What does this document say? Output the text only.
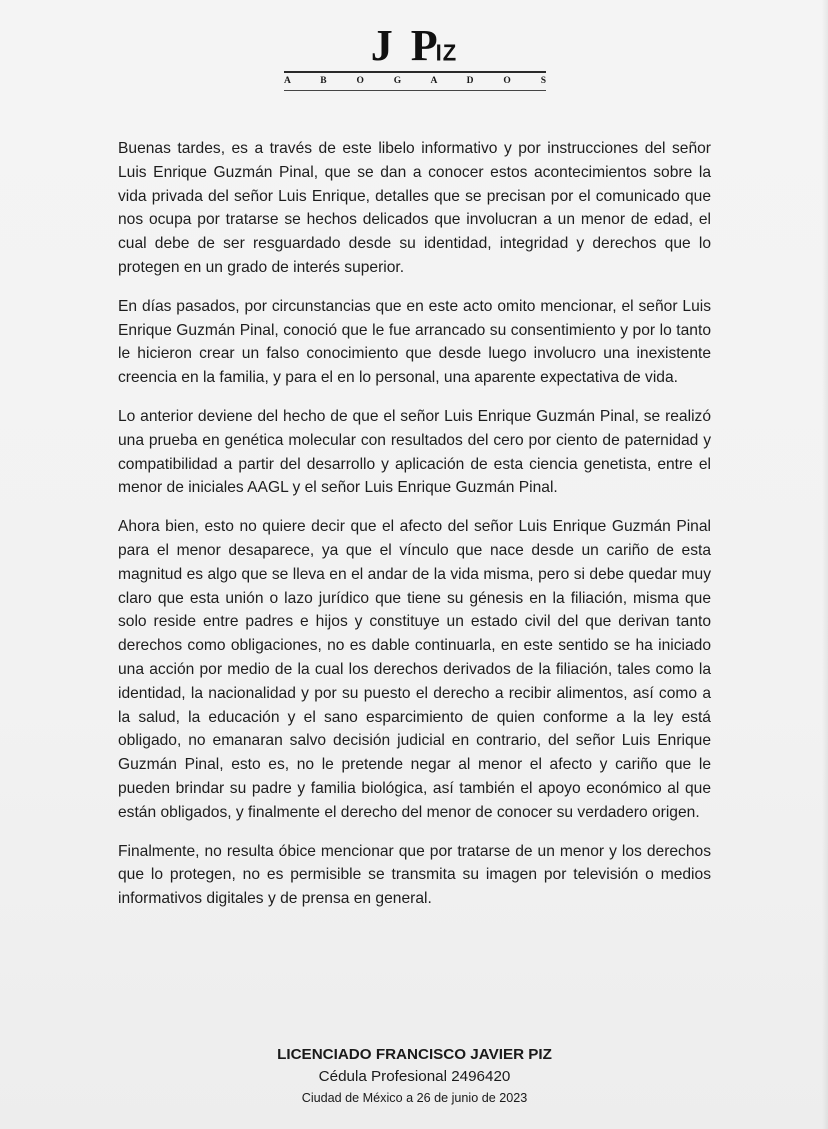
J PIZ
A B O G A D O S

Buenas tardes, es a través de este libelo informativo y por instrucciones del señor Luis Enrique Guzmán Pinal, que se dan a conocer estos acontecimientos sobre la vida privada del señor Luis Enrique, detalles que se precisan por el comunicado que nos ocupa por tratarse se hechos delicados que involucran a un menor de edad, el cual debe de ser resguardado desde su identidad, integridad y derechos que lo protegen en un grado de interés superior.

En días pasados, por circunstancias que en este acto omito mencionar, el señor Luis Enrique Guzmán Pinal, conoció que le fue arrancado su consentimiento y por lo tanto le hicieron crear un falso conocimiento que desde luego involucro una inexistente creencia en la familia, y para el en lo personal, una aparente expectativa de vida.

Lo anterior deviene del hecho de que el señor Luis Enrique Guzmán Pinal, se realizó una prueba en genética molecular con resultados del cero por ciento de paternidad y compatibilidad a partir del desarrollo y aplicación de esta ciencia genetista, entre el menor de iniciales AAGL y el señor Luis Enrique Guzmán Pinal.

Ahora bien, esto no quiere decir que el afecto del señor Luis Enrique Guzmán Pinal para el menor desaparece, ya que el vínculo que nace desde un cariño de esta magnitud es algo que se lleva en el andar de la vida misma, pero si debe quedar muy claro que esta unión o lazo jurídico que tiene su génesis en la filiación, misma que solo reside entre padres e hijos y constituye un estado civil del que derivan tanto derechos como obligaciones, no es dable continuarla, en este sentido se ha iniciado una acción por medio de la cual los derechos derivados de la filiación, tales como la identidad, la nacionalidad y por su puesto el derecho a recibir alimentos, así como a la salud, la educación y el sano esparcimiento de quien conforme a la ley está obligado, no emanaran salvo decisión judicial en contrario, del señor Luis Enrique Guzmán Pinal, esto es, no le pretende negar al menor el afecto y cariño que le pueden brindar su padre y familia biológica, así también el apoyo económico al que están obligados, y finalmente el derecho del menor de conocer su verdadero origen.

Finalmente, no resulta óbice mencionar que por tratarse de un menor y los derechos que lo protegen, no es permisible se transmita su imagen por televisión o medios informativos digitales y de prensa en general.

LICENCIADO FRANCISCO JAVIER PIZ
Cédula Profesional 2496420
Ciudad de México a 26 de junio de 2023
